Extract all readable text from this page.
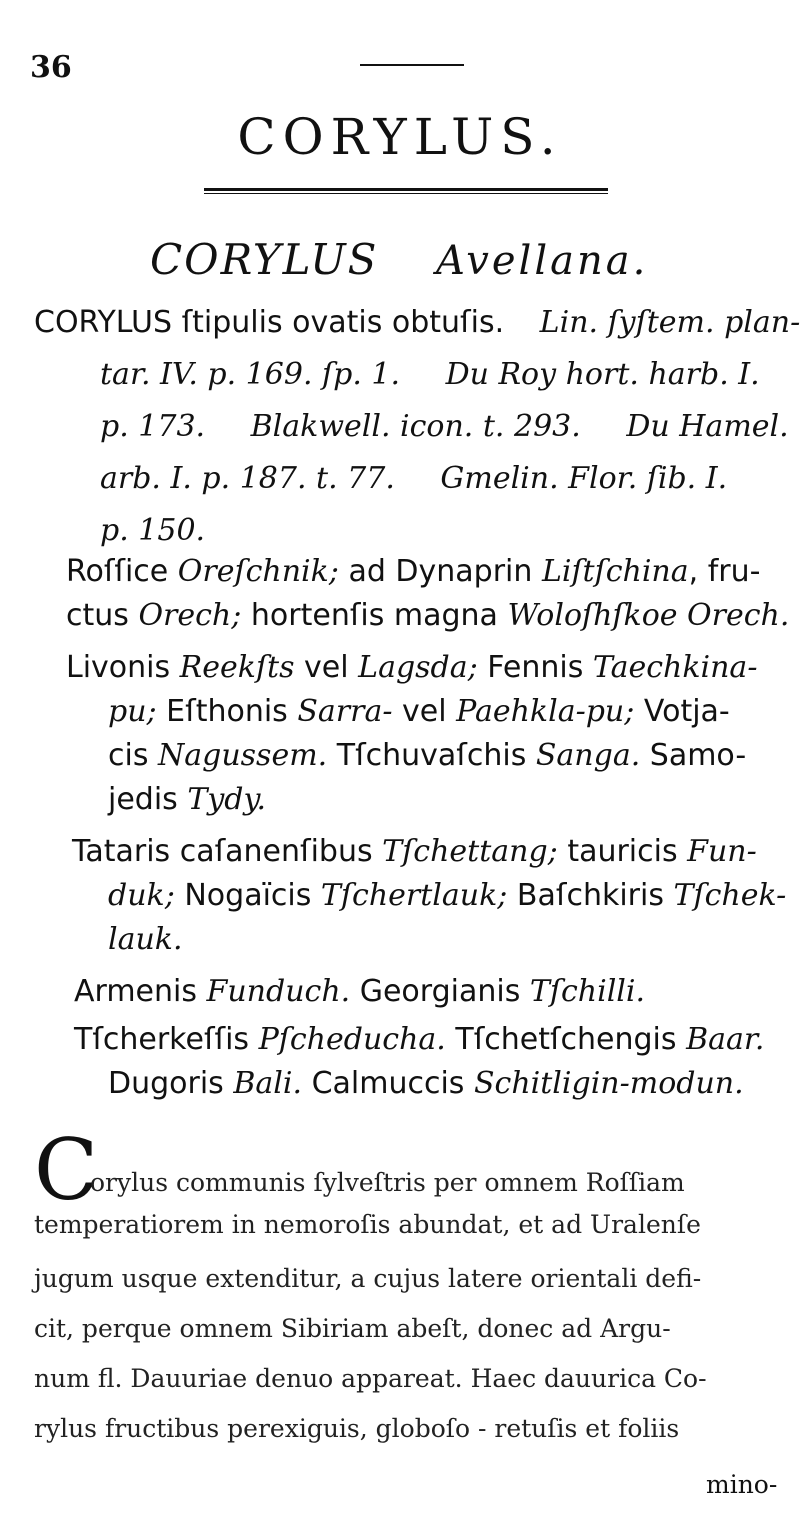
36
CORYLUS.
CORYLUS Avellana.
CORYLUS ſtipulis ovatis obtuſis. Lin. ſyſtem. plan-
tar. IV. p. 169. ſp. 1. Du Roy hort. harb. I.
p. 173. Blakwell. icon. t. 293. Du Hamel.
arb. I. p. 187. t. 77. Gmelin. Flor. ſib. I.
p. 150.
Roſſice Oreſchnik; ad Dynaprin Liſtſchina, fru-
ctus Orech; hortenſis magna Woloſhſkoe Orech.
Livonis Reekſts vel Lagsda; Fennis Taechkina-
pu; Eſthonis Sarra- vel Paehkla-pu; Votja-
cis Nagussem. Tſchuvaſchis Sanga. Samo-
jedis Tydy.
Tataris caſanenſibus Tſchettang; tauricis Fun-
duk; Nogaïcis Tſchertlauk; Baſchkiris Tſchek-
lauk.
Armenis Funduch. Georgianis Tſchilli.
Tſcherkeſſis Pſcheducha. Tſchetſchengis Baar.
Dugoris Bali. Calmuccis Schitligin-modun.
C
orylus communis ſylveſtris per omnem Roſſiam
temperatiorem in nemoroſis abundat, et ad Uralenſe
jugum usque extenditur, a cujus latere orientali defi-
cit, perque omnem Sibiriam abeſt, donec ad Argu-
num fl. Dauuriae denuo appareat. Haec dauurica Co-
rylus fructibus perexiguis, globoſo - retuſis et foliis
mino-
